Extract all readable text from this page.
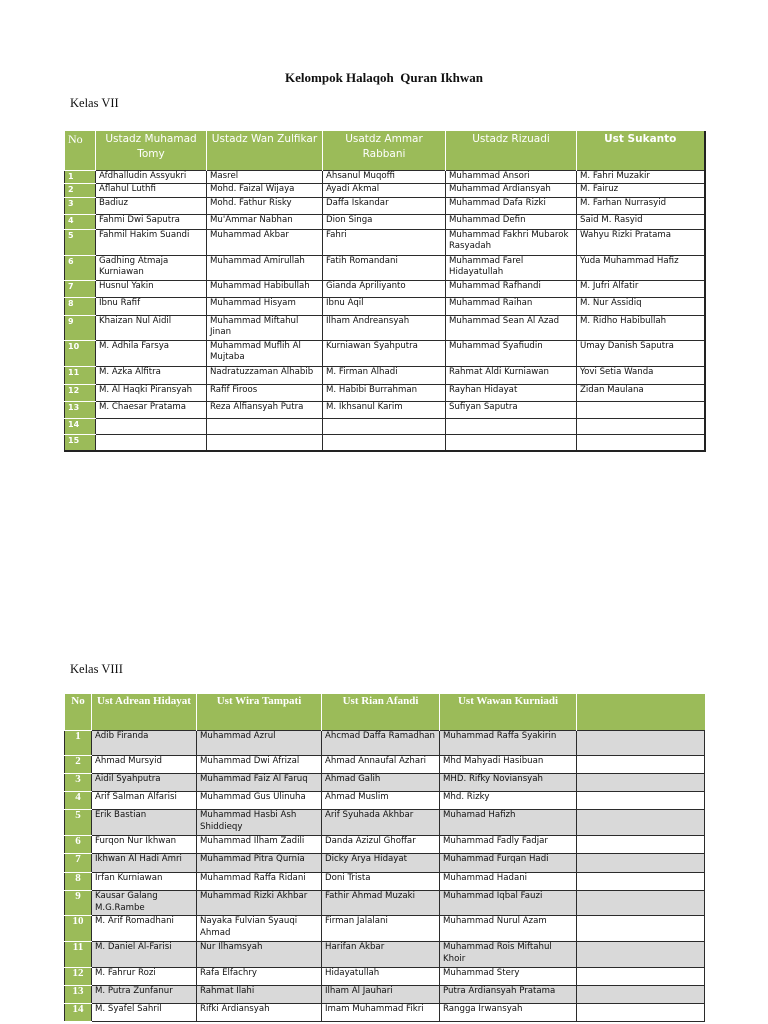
Kelompok Halaqoh  Quran Ikhwan
Kelas VII
No	Ustadz Muhamad Tomy	Ustadz Wan Zulfikar	Usatdz Ammar Rabbani	Ustadz Rizuadi	Ust Sukanto
1	Afdhalludin Assyukri	Masrel	Ahsanul Muqoffi	Muhammad Ansori	M. Fahri Muzakir
2	Aflahul Luthfi	Mohd. Faizal Wijaya	Ayadi Akmal	Muhammad Ardiansyah	M. Fairuz
3	Badiuz	Mohd. Fathur Risky	Daffa Iskandar	Muhammad Dafa Rizki	M. Farhan Nurrasyid
4	Fahmi Dwi Saputra	Mu'Ammar Nabhan	Dion Singa	Muhammad Defin	Said M. Rasyid
5	Fahmil Hakim Suandi	Muhammad Akbar	Fahri	Muhammad Fakhri Mubarok Rasyadah	Wahyu Rizki Pratama
6	Gadhing Atmaja Kurniawan	Muhammad Amirullah	Fatih Romandani	Muhammad Farel Hidayatullah	Yuda Muhammad Hafiz
7	Husnul Yakin	Muhammad Habibullah	Gianda Apriliyanto	Muhammad Rafhandi	M. Jufri Alfatir
8	Ibnu Rafif	Muhammad Hisyam	Ibnu Aqil	Muhammad Raihan	M. Nur Assidiq
9	Khaizan Nul Aidil	Muhammad Miftahul Jinan	Ilham Andreansyah	Muhammad Sean Al Azad	M. Ridho Habibullah
10	M. Adhila Farsya	Muhammad Muflih Al Mujtaba	Kurniawan Syahputra	Muhammad Syafiudin	Umay Danish Saputra
11	M. Azka Alfitra	Nadratuzzaman Alhabib	M. Firman Alhadi	Rahmat Aldi Kurniawan	Yovi Setia Wanda
12	M. Al Haqki Piransyah	Rafif Firoos	M. Habibi Burrahman	Rayhan Hidayat	Zidan Maulana
13	M. Chaesar Pratama	Reza Alfiansyah Putra	M. Ikhsanul Karim	Sufiyan Saputra	
14					
15					
Kelas VIII
No	Ust Adrean Hidayat	Ust Wira Tampati	Ust Rian Afandi	Ust Wawan Kurniadi	
1	Adib Firanda	Muhammad Azrul	Ahcmad Daffa Ramadhan	Muhammad Raffa Syakirin	
2	Ahmad Mursyid	Muhammad Dwi Afrizal	Ahmad Annaufal Azhari	Mhd Mahyadi Hasibuan	
3	Aidil Syahputra	Muhammad Faiz Al Faruq	Ahmad Galih	MHD. Rifky Noviansyah	
4	Arif Salman Alfarisi	Muhammad Gus Ulinuha	Ahmad Muslim	Mhd. Rizky	
5	Erik Bastian	Muhammad Hasbi Ash Shiddieqy	Arif Syuhada Akhbar	Muhamad Hafizh	
6	Furqon Nur Ikhwan	Muhammad Ilham Zadili	Danda Azizul Ghoffar	Muhammad Fadly Fadjar	
7	Ikhwan Al Hadi Amri	Muhammad Pitra Qurnia	Dicky Arya Hidayat	Muhammad Furqan Hadi	
8	Irfan Kurniawan	Muhammad Raffa Ridani	Doni Trista	Muhammad Hadani	
9	Kausar Galang M.G.Rambe	Muhammad Rizki Akhbar	Fathir Ahmad Muzaki	Muhammad Iqbal Fauzi	
10	M. Arif Romadhani	Nayaka Fulvian Syauqi Ahmad	Firman Jalalani	Muhammad Nurul Azam	
11	M. Daniel Al-Farisi	Nur Ilhamsyah	Harifan Akbar	Muhammad Rois Miftahul Khoir	
12	M. Fahrur Rozi	Rafa Elfachry	Hidayatullah	Muhammad Stery	
13	M. Putra Zunfanur	Rahmat Ilahi	Ilham Al Jauhari	Putra Ardiansyah Pratama	
14	M. Syafel Sahril	Rifki Ardiansyah	Imam Muhammad Fikri	Rangga Irwansyah	
